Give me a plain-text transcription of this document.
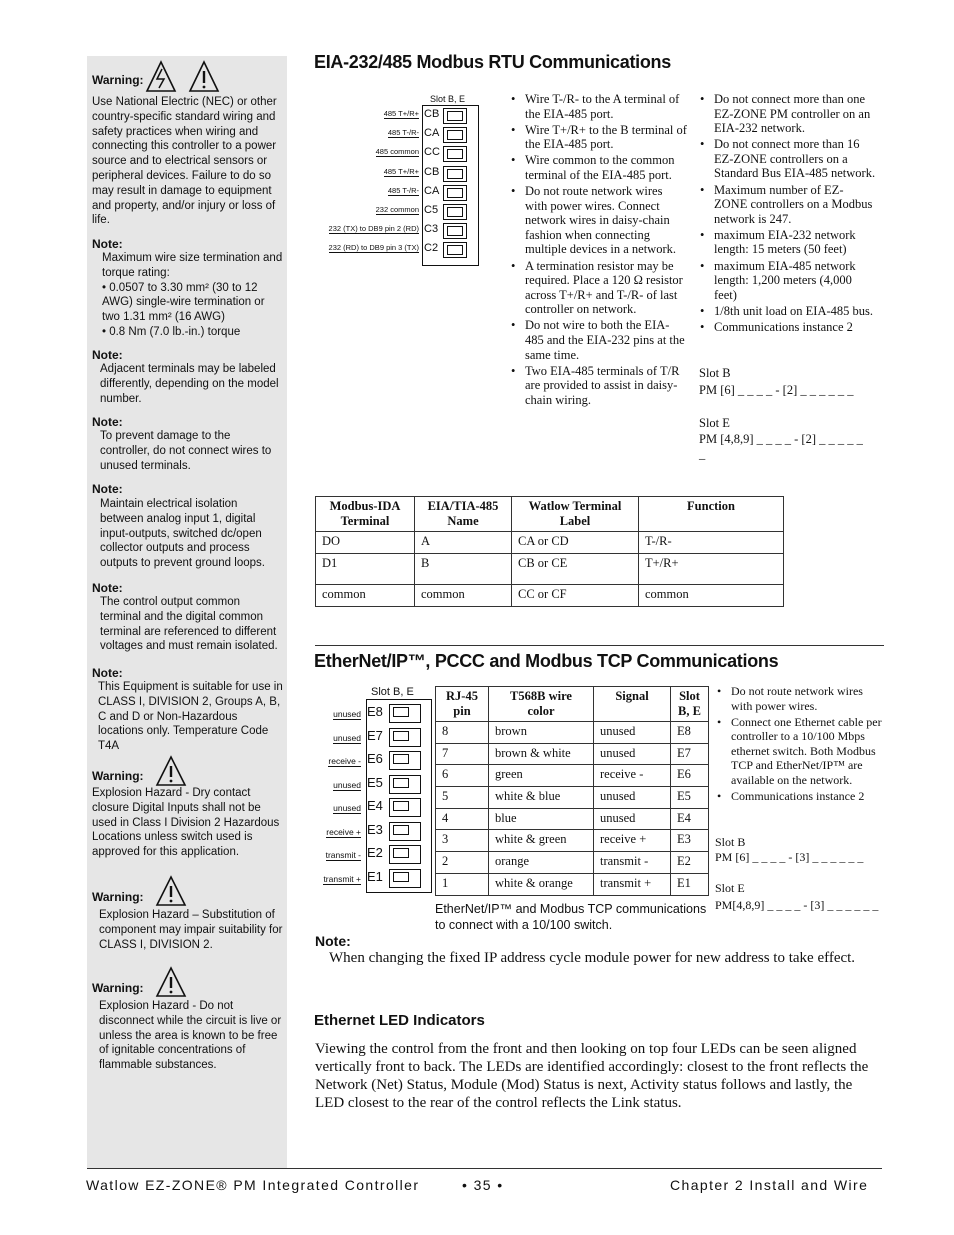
Warning:
Use National Electric (NEC) or other country-specific standard wiring and safety practices when wiring and connecting this controller to a power source and to electrical sensors or peripheral devices. Failure to do so may result in damage to equipment and property, and/or injury or loss of life.
Note:
Maximum wire size termination and torque rating:
• 0.0507 to 3.30 mm² (30 to 12 AWG) single-wire termination or two 1.31 mm² (16 AWG)
• 0.8 Nm (7.0 lb.-in.) torque
Note:
Adjacent terminals may be labeled differently, depending on the model number.
Note:
To prevent damage to the controller, do not connect wires to unused terminals.
Note:
Maintain electrical isolation between analog input 1, digital input-outputs, switched dc/open collector outputs and process outputs to prevent ground loops.
Note:
The control output common terminal and the digital common terminal are referenced to different voltages and must remain isolated.
Note:
This Equipment is suitable for use in CLASS I, DIVISION 2, Groups A, B, C and D or Non-Hazardous locations only. Temperature Code T4A
Warning:
Explosion Hazard - Dry contact closure Digital Inputs shall not be used in Class I Division 2 Hazardous Locations unless switch used is approved for this application.
Warning:
Explosion Hazard – Substitution of component may impair suitability for CLASS I, DIVISION 2.
Warning:
Explosion Hazard - Do not disconnect while the circuit is live or unless the area is known to be free of ignitable concentrations of flammable substances.
EIA-232/485 Modbus RTU Communications
Slot B, E
485 T+/R+ CB
485 T-/R- CA
485 common CC
485 T+/R+ CB
485 T-/R- CA
232 common C5
232 (TX) to DB9 pin 2 (RD) C3
232 (RD) to DB9 pin 3 (TX) C2
• Wire T-/R- to the A terminal of the EIA-485 port.
• Wire T+/R+ to the B terminal of the EIA-485 port.
• Wire common to the common terminal of the EIA-485 port.
• Do not route network wires with power wires. Connect network wires in daisy-chain fashion when connecting multiple devices in a network.
• A termination resistor may be required. Place a 120 Ω resistor across T+/R+ and T-/R- of last controller on network.
• Do not wire to both the EIA-485 and the EIA-232 pins at the same time.
• Two EIA-485 terminals of T/R are provided to assist in daisy-chain wiring.
• Do not connect more than one EZ-ZONE PM controller on an EIA-232 network.
• Do not connect more than 16 EZ-ZONE controllers on a Standard Bus EIA-485 network.
• Maximum number of EZ-ZONE controllers on a Modbus network is 247.
• maximum EIA-232 network length: 15 meters (50 feet)
• maximum EIA-485 network length: 1,200 meters (4,000 feet)
• 1/8th unit load on EIA-485 bus.
• Communications instance 2
Slot B
PM [6] _ _ _ _ - [2] _ _ _ _ _ _
Slot E
PM [4,8,9] _ _ _ _ - [2] _ _ _ _ _ _
Modbus-IDA Terminal	EIA/TIA-485 Name	Watlow Terminal Label	Function
DO	A	CA or CD	T-/R-
D1	B	CB or CE	T+/R+
common	common	CC or CF	common
EtherNet/IP™, PCCC and Modbus TCP Communications
Slot B, E
unused E8
unused E7
receive - E6
unused E5
unused E4
receive + E3
transmit - E2
transmit + E1
RJ-45 pin	T568B wire color	Signal	Slot B, E
8	brown	unused	E8
7	brown & white	unused	E7
6	green	receive -	E6
5	white & blue	unused	E5
4	blue	unused	E4
3	white & green	receive +	E3
2	orange	transmit -	E2
1	white & orange	transmit +	E1
EtherNet/IP™ and Modbus TCP communications to connect with a 10/100 switch.
• Do not route network wires with power wires.
• Connect one Ethernet cable per controller to a 10/100 Mbps ethernet switch. Both Modbus TCP and EtherNet/IP™ are available on the network.
• Communications instance 2
Slot B
PM [6] _ _ _ _ - [3] _ _ _ _ _ _
Slot E
PM[4,8,9] _ _ _ _ - [3] _ _ _ _ _ _
Note:
When changing the fixed IP address cycle module power for new address to take effect.
Ethernet LED Indicators
Viewing the control from the front and then looking on top four LEDs can be seen aligned vertically front to back. The LEDs are identified accordingly: closest to the front reflects the Network (Net) Status, Module (Mod) Status is next, Activity status follows and lastly, the LED closest to the rear of the control reflects the Link status.
Watlow EZ-ZONE® PM Integrated Controller	• 35 •	Chapter 2 Install and Wire
